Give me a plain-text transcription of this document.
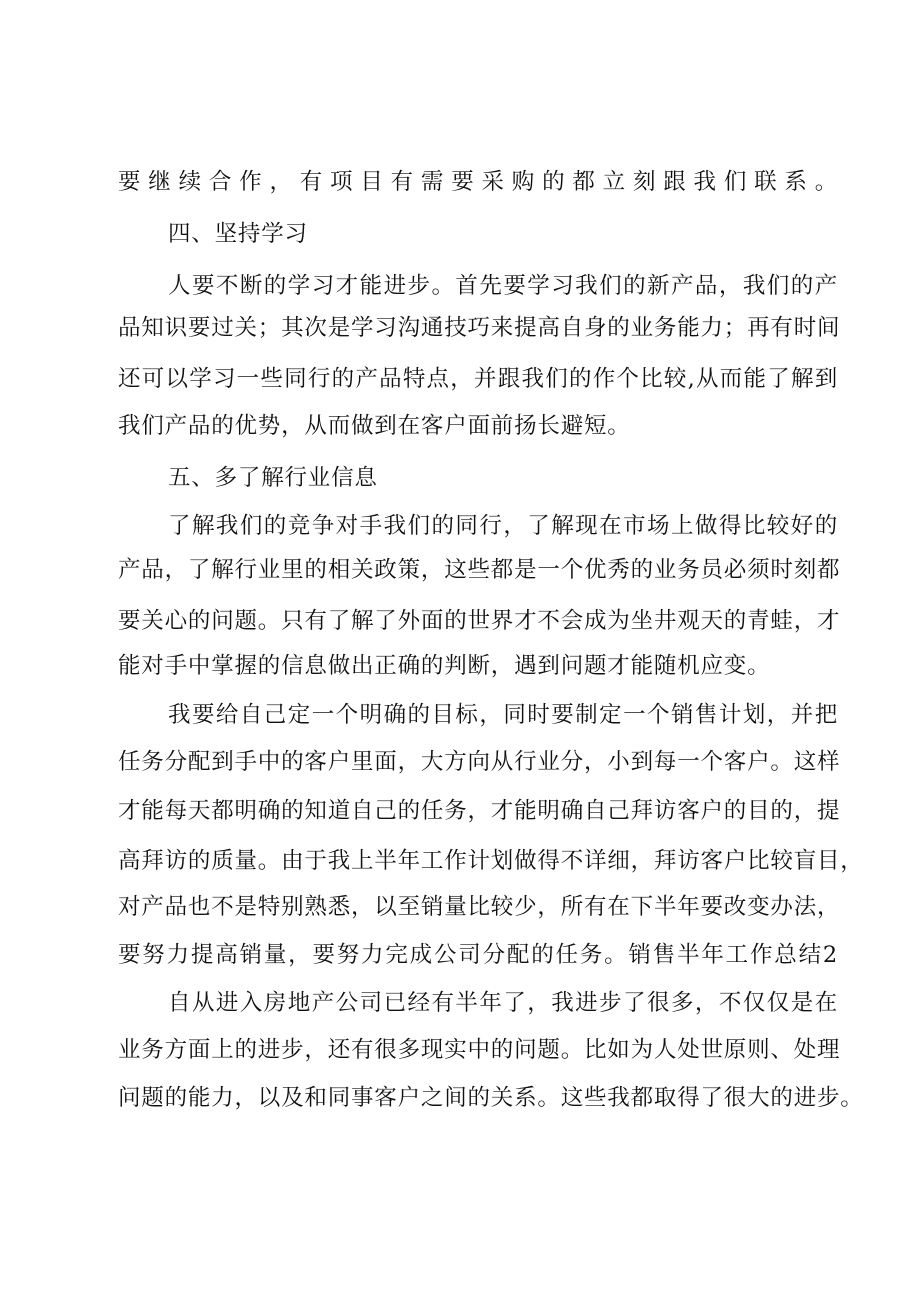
要继续合作，有项目有需要采购的都立刻跟我们联系。

四、坚持学习

人要不断的学习才能进步。首先要学习我们的新产品，我们的产

品知识要过关；其次是学习沟通技巧来提高自身的业务能力；再有时间

还可以学习一些同行的产品特点，并跟我们的作个比较,从而能了解到

我们产品的优势，从而做到在客户面前扬长避短。

五、多了解行业信息

了解我们的竞争对手我们的同行，了解现在市场上做得比较好的

产品，了解行业里的相关政策，这些都是一个优秀的业务员必须时刻都

要关心的问题。只有了解了外面的世界才不会成为坐井观天的青蛙，才

能对手中掌握的信息做出正确的判断，遇到问题才能随机应变。

我要给自己定一个明确的目标，同时要制定一个销售计划，并把

任务分配到手中的客户里面，大方向从行业分，小到每一个客户。这样

才能每天都明确的知道自己的任务，才能明确自己拜访客户的目的，提

高拜访的质量。由于我上半年工作计划做得不详细，拜访客户比较盲目，

对产品也不是特别熟悉，以至销量比较少，所有在下半年要改变办法，

要努力提高销量，要努力完成公司分配的任务。销售半年工作总结2

自从进入房地产公司已经有半年了，我进步了很多，不仅仅是在

业务方面上的进步，还有很多现实中的问题。比如为人处世原则、处理

问题的能力，以及和同事客户之间的关系。这些我都取得了很大的进步。
